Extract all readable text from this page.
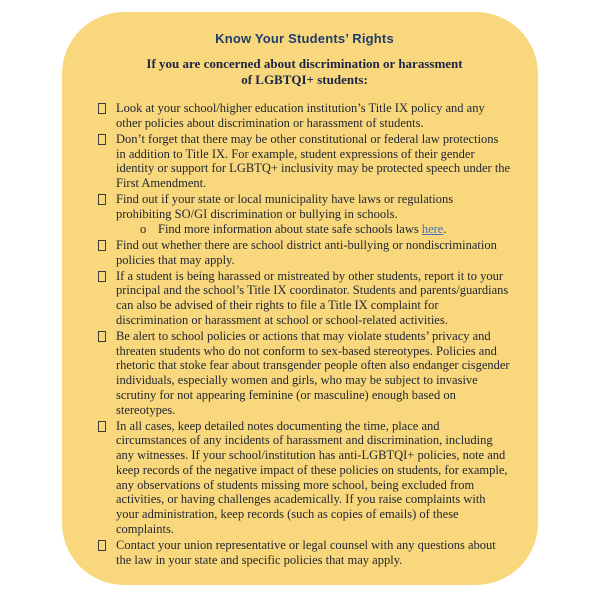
Know Your Students’ Rights
If you are concerned about discrimination or harassment
of LGBTQI+ students:
Look at your school/higher education institution’s Title IX policy and any other policies about discrimination or harassment of students.
Don’t forget that there may be other constitutional or federal law protections in addition to Title IX. For example, student expressions of their gender identity or support for LGBTQ+ inclusivity may be protected speech under the First Amendment.
Find out if your state or local municipality have laws or regulations prohibiting SO/GI discrimination or bullying in schools.
o Find more information about state safe schools laws here.
Find out whether there are school district anti-bullying or nondiscrimination policies that may apply.
If a student is being harassed or mistreated by other students, report it to your principal and the school’s Title IX coordinator. Students and parents/guardians can also be advised of their rights to file a Title IX complaint for discrimination or harassment at school or school-related activities.
Be alert to school policies or actions that may violate students’ privacy and threaten students who do not conform to sex-based stereotypes. Policies and rhetoric that stoke fear about transgender people often also endanger cisgender individuals, especially women and girls, who may be subject to invasive scrutiny for not appearing feminine (or masculine) enough based on stereotypes.
In all cases, keep detailed notes documenting the time, place and circumstances of any incidents of harassment and discrimination, including any witnesses. If your school/institution has anti-LGBTQI+ policies, note and keep records of the negative impact of these policies on students, for example, any observations of students missing more school, being excluded from activities, or having challenges academically. If you raise complaints with your administration, keep records (such as copies of emails) of these complaints.
Contact your union representative or legal counsel with any questions about the law in your state and specific policies that may apply.
